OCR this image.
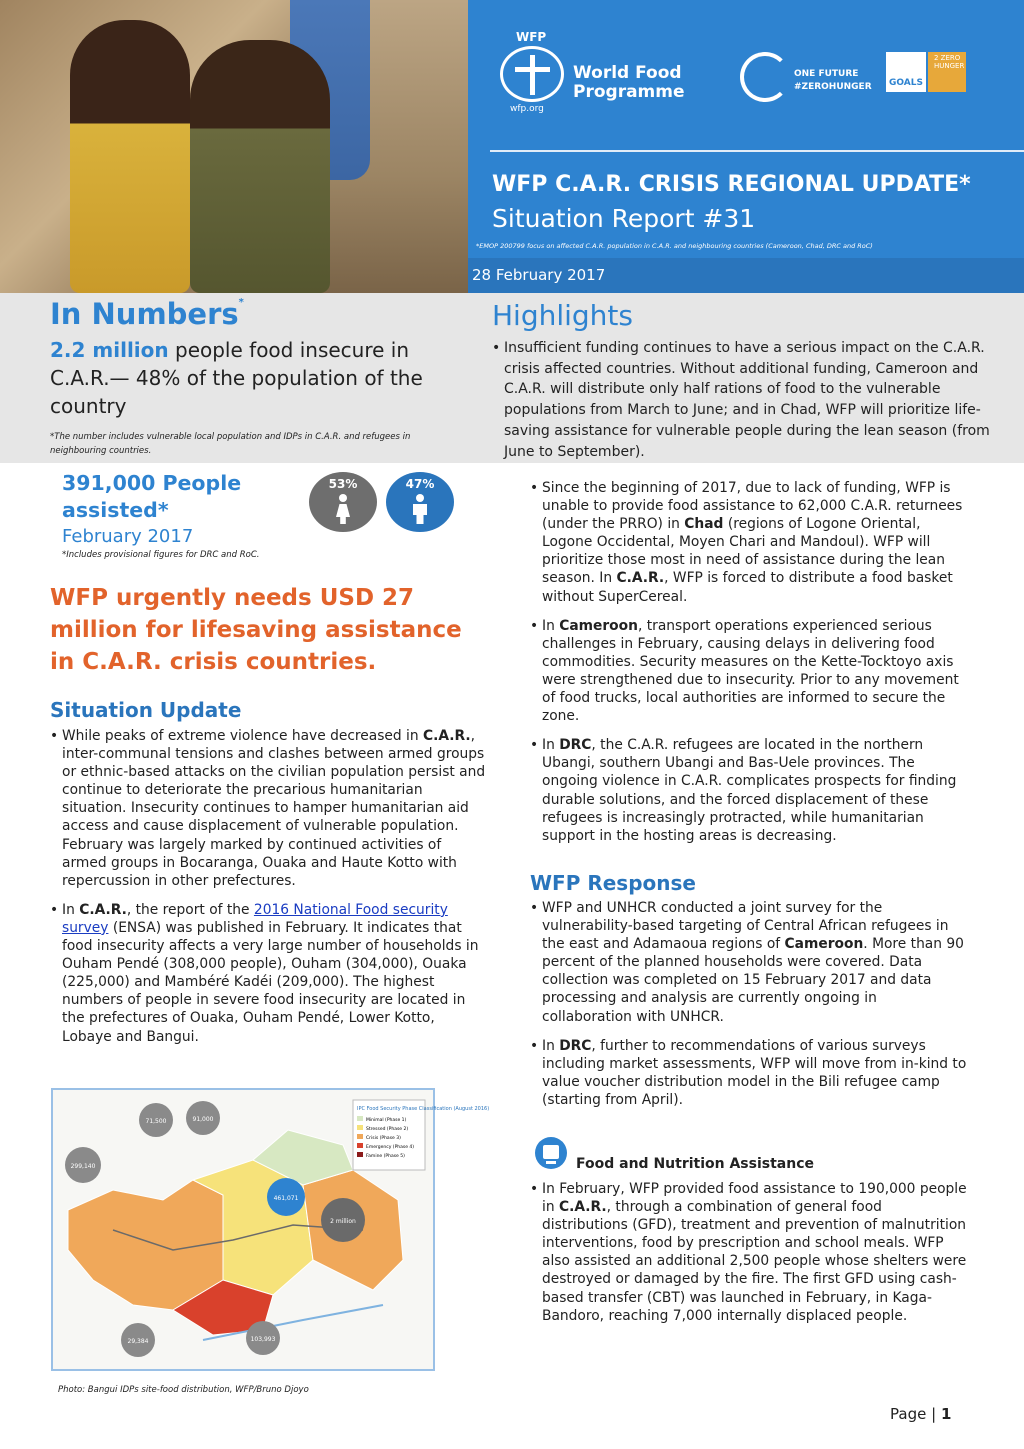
WFP
wfp.org
World Food
Programme
ONE FUTURE
#ZEROHUNGER GOALS
2 ZERO HUNGER
WFP C.A.R. CRISIS REGIONAL UPDATE*
Situation Report #31
*EMOP 200799 focus on affected C.A.R. population in C.A.R. and neighbouring countries (Cameroon, Chad, DRC and RoC)
28 February 2017
In Numbers*
2.2 million people food insecure in C.A.R.— 48% of the population of the country
*The number includes vulnerable local population and IDPs in C.A.R. and refugees in neighbouring countries.
Highlights
• Insufficient funding continues to have a serious impact on the C.A.R. crisis affected countries. Without additional funding, Cameroon and C.A.R. will distribute only half rations of food to the vulnerable populations from March to June; and in Chad, WFP will prioritize life-saving assistance for vulnerable people during the lean season (from June to September).
391,000 People assisted*
February 2017
*Includes provisional figures for DRC and RoC.
53%	47%
WFP urgently needs USD 27 million for lifesaving assistance in C.A.R. crisis countries.
Situation Update
• While peaks of extreme violence have decreased in C.A.R., inter-communal tensions and clashes between armed groups or ethnic-based attacks on the civilian population persist and continue to deteriorate the precarious humanitarian situation. Insecurity continues to hamper humanitarian aid access and cause displacement of vulnerable population. February was largely marked by continued activities of armed groups in Bocaranga, Ouaka and Haute Kotto with repercussion in other prefectures.
• In C.A.R., the report of the 2016 National Food security survey (ENSA) was published in February. It indicates that food insecurity affects a very large number of households in Ouham Pendé (308,000 people), Ouham (304,000), Ouaka (225,000) and Mambéré Kadéi (209,000). The highest numbers of people in severe food insecurity are located in the prefectures of Ouaka, Ouham Pendé, Lower Kotto, Lobaye and Bangui.
IPC Food Security Phase Classification (August 2016)
Minimal (Phase 1)
Stressed (Phase 2)
Crisis (Phase 3)
Emergency (Phase 4)
Famine (Phase 5)
71,500	91,000
299,140
461,071
2 million
29,384	103,993
Photo: Bangui IDPs site-food distribution, WFP/Bruno Djoyo
• Since the beginning of 2017, due to lack of funding, WFP is unable to provide food assistance to 62,000 C.A.R. returnees (under the PRRO) in Chad (regions of Logone Oriental, Logone Occidental, Moyen Chari and Mandoul). WFP will prioritize those most in need of assistance during the lean season. In C.A.R., WFP is forced to distribute a food basket without SuperCereal.
• In Cameroon, transport operations experienced serious challenges in February, causing delays in delivering food commodities. Security measures on the Kette-Tocktoyo axis were strengthened due to insecurity. Prior to any movement of food trucks, local authorities are informed to secure the zone.
• In DRC, the C.A.R. refugees are located in the northern Ubangi, southern Ubangi and Bas-Uele provinces. The ongoing violence in C.A.R. complicates prospects for finding durable solutions, and the forced displacement of these refugees is increasingly protracted, while humanitarian support in the hosting areas is decreasing.
WFP Response
• WFP and UNHCR conducted a joint survey for the vulnerability-based targeting of Central African refugees in the east and Adamaoua regions of Cameroon. More than 90 percent of the planned households were covered. Data collection was completed on 15 February 2017 and data processing and analysis are currently ongoing in collaboration with UNHCR.
• In DRC, further to recommendations of various surveys including market assessments, WFP will move from in-kind to value voucher distribution model in the Bili refugee camp (starting from April).
Food and Nutrition Assistance
• In February, WFP provided food assistance to 190,000 people in C.A.R., through a combination of general food distributions (GFD), treatment and prevention of malnutrition interventions, food by prescription and school meals. WFP also assisted an additional 2,500 people whose shelters were destroyed or damaged by the fire. The first GFD using cash-based transfer (CBT) was launched in February, in Kaga-Bandoro, reaching 7,000 internally displaced people.
Page | 1
